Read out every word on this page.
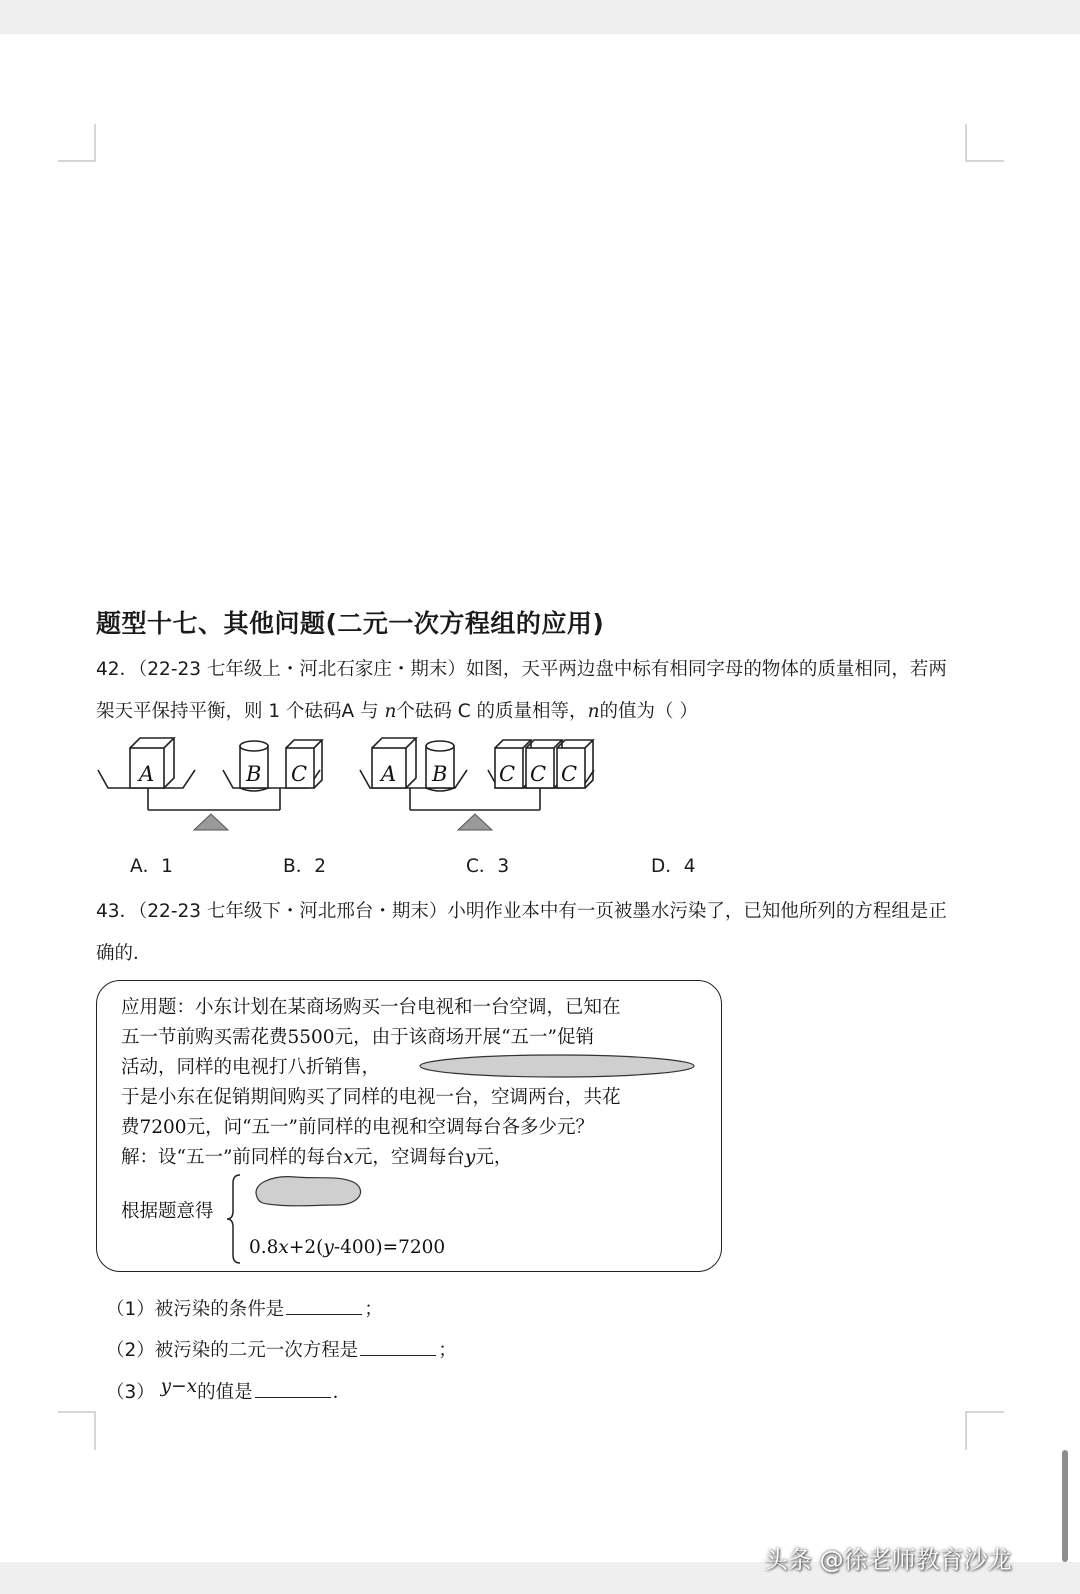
题型十七、其他问题(二元一次方程组的应用)
42．（22-23 七年级上・河北石家庄・期末）如图，天平两边盘中标有相同字母的物体的质量相同，若两
架天平保持平衡，则 1 个砝码A 与 n个砝码 C 的质量相等，n的值为（ ）
A	B C	A B C C C
A．1	B．2	C．3	D．4
43．（22-23 七年级下・河北邢台・期末）小明作业本中有一页被墨水污染了，已知他所列的方程组是正
确的．
应用题：小东计划在某商场购买一台电视和一台空调，已知在
五一节前购买需花费5500元，由于该商场开展“五一”促销
活动，同样的电视打八折销售，
于是小东在促销期间购买了同样的电视一台，空调两台，共花
费7200元，问“五一”前同样的电视和空调每台各多少元？
解：设“五一”前同样的每台x元，空调每台y元，
根据题意得
0.8x+2(y-400)=7200
（1）被污染的条件是	；
（2）被污染的二元一次方程是	；
（3） y−x的值是	．
头条 @徐老师教育沙龙
